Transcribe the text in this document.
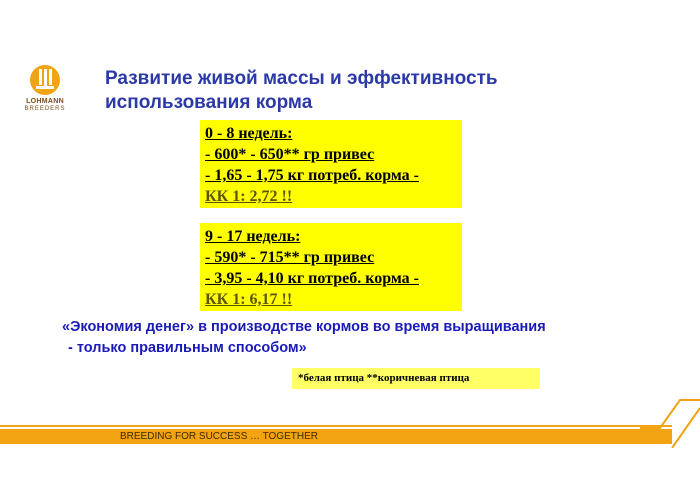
LOHMANN
BREEDERS
Развитие живой массы и эффективность
использования корма
0 - 8 недель:
- 600* - 650** гр привес
- 1,65 - 1,75 кг потреб. корма -
КК 1: 2,72 !!
9 - 17 недель:
- 590* - 715** гр привес
- 3,95 - 4,10 кг потреб. корма -
КК 1: 6,17 !!
«Экономия денег» в производстве кормов во время выращивания
- только правильным способом»
*белая птица **коричневая птица
BREEDING FOR SUCCESS … TOGETHER
